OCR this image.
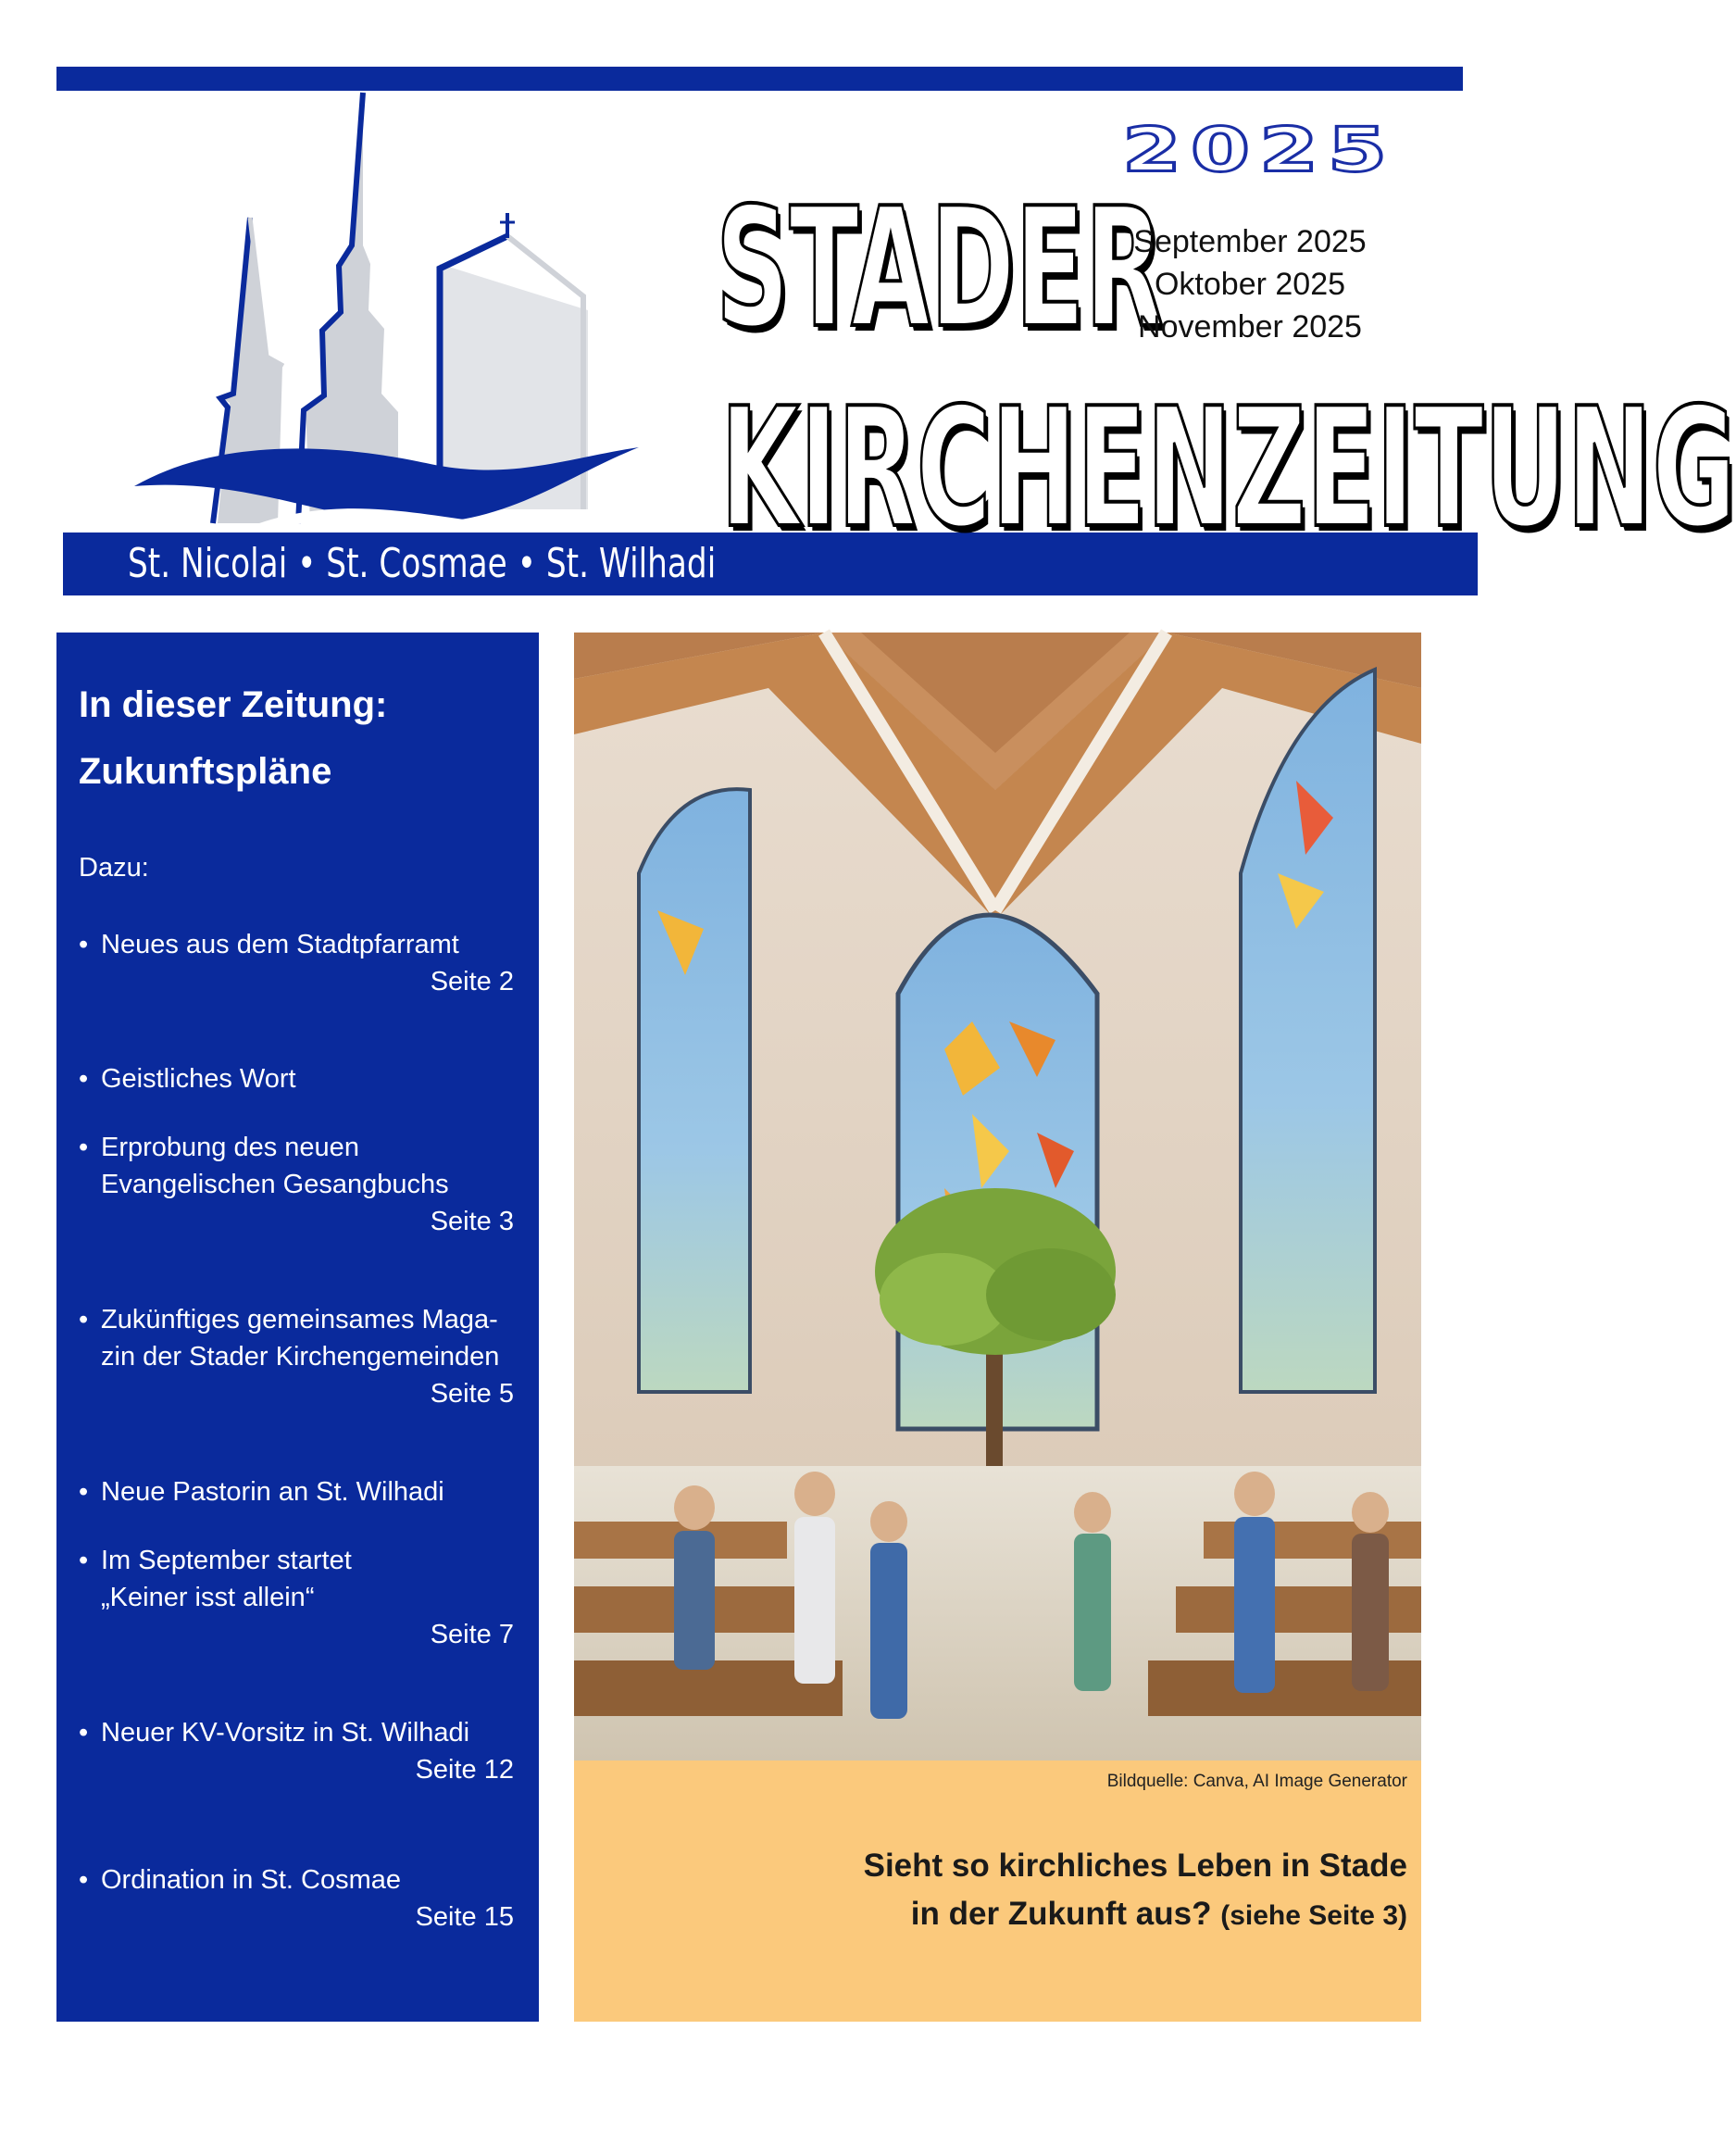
St. Nicolai • St. Cosmae • St. Wilhadi
2025
STADER
KIRCHENZEITUNG
September 2025
Oktober 2025
November 2025
In dieser Zeitung:
Zukunftspläne
Dazu:
• Neues aus dem Stadtpfarramt
Seite 2
• Geistliches Wort
• Erprobung des neuen
Evangelischen Gesangbuchs
Seite 3
• Zukünftiges gemeinsames Maga-
zin der Stader Kirchengemeinden
Seite 5
• Neue Pastorin an St. Wilhadi
• Im September startet
„Keiner isst allein“
Seite 7
• Neuer KV-Vorsitz in St. Wilhadi
Seite 12
• Ordination in St. Cosmae
Seite 15
Bildquelle: Canva, AI Image Generator
Sieht so kirchliches Leben in Stade
in der Zukunft aus? (siehe Seite 3)
